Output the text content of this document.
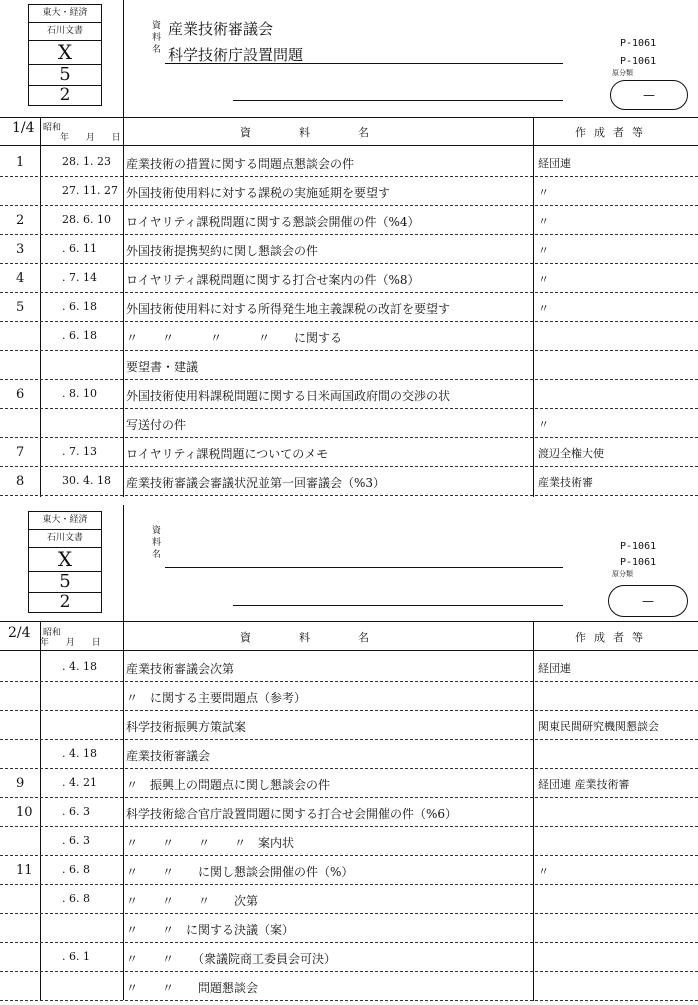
東大・経済
石川文書
X
5
2
資料名
産業技術審議会
科学技術庁設置問題
P-1061
P-1061
原分類
—
1/4 昭和
年 月 日	資料名	作成者等
1	28. 1. 23 産業技術の措置に関する問題点懇談会の件	経団連
27. 11. 27 外国技術使用料に対する課税の実施延期を要望す	〃
2	28. 6. 10 ロイヤリティ課税問題に関する懇談会開催の件（%4）	〃
3	. 6. 11 外国技術提携契約に関し懇談会の件	〃
4	. 7. 14 ロイヤリティ課税問題に関する打合せ案内の件（%8）	〃
5	. 6. 18 外国技術使用料に対する所得発生地主義課税の改訂を要望す	〃
. 6. 18 〃　　〃　　　〃　　　〃　　に関する
要望書・建議
6	. 8. 10 外国技術使用料課税問題に関する日米両国政府間の交渉の状
写送付の件	〃
7	. 7. 13 ロイヤリティ課税問題についてのメモ	渡辺全権大使
8	30. 4. 18 産業技術審議会審議状況並第一回審議会（%3）	産業技術審
東大・経済
石川文書
X
5
2
資料名
P-1061
P-1061
原分類
—
2/4 昭和
年 月 日	資料名	作成者等
. 4. 18 産業技術審議会次第	経団連
〃　に関する主要問題点（参考）
科学技術振興方策試案	関東民間研究機関懇談会
. 4. 18 産業技術審議会
9	. 4. 21 〃　振興上の問題点に関し懇談会の件	経団連 産業技術審
10	. 6. 3	科学技術総合官庁設置問題に関する打合せ会開催の件（%6）
. 6. 3	〃　　〃　　〃　　〃　案内状
11	. 6. 8	〃　　〃　　に関し懇談会開催の件（%）	〃
. 6. 8	〃　　〃　　〃　　次第
〃　　〃　に関する決議（案）
. 6. 1	〃　　〃　　（衆議院商工委員会可決）
〃　　〃　　問題懇談会
